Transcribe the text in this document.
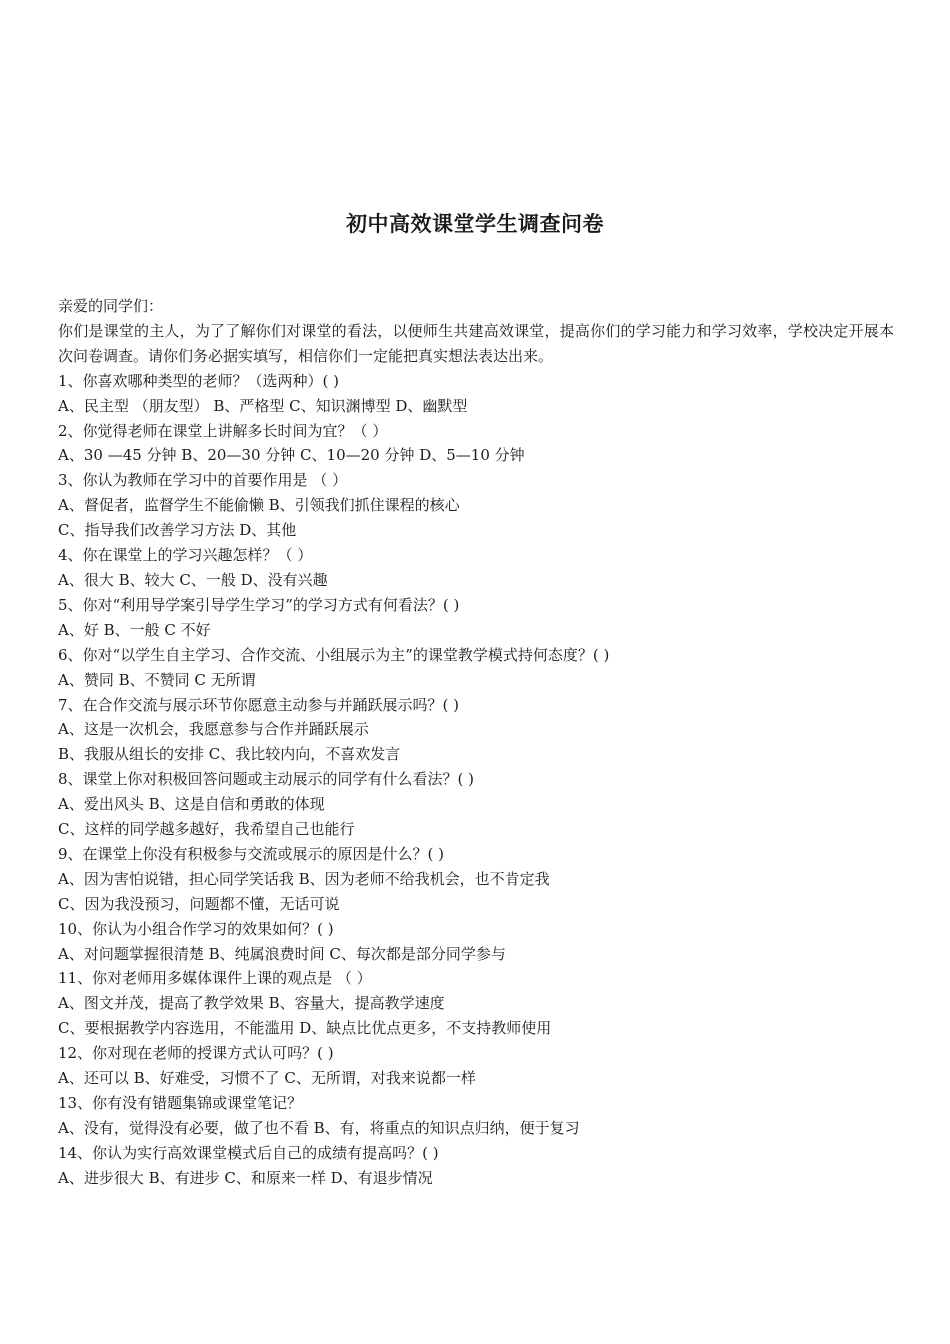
初中高效课堂学生调查问卷

亲爱的同学们：

你们是课堂的主人，为了了解你们对课堂的看法，以便师生共建高效课堂，提高你们的学习能力和学习效率，学校决定开展本次问卷调查。请你们务必据实填写，相信你们一定能把真实想法表达出来。

1、你喜欢哪种类型的老师？（选两种）( )

A、民主型 （朋友型） B、严格型 C、知识渊博型 D、幽默型

2、你觉得老师在课堂上讲解多长时间为宜？（ ）

A、30 —45 分钟 B、20—30 分钟 C、10—20 分钟 D、5—10 分钟

3、你认为教师在学习中的首要作用是 （ ）

A、督促者，监督学生不能偷懒 B、引领我们抓住课程的核心

C、指导我们改善学习方法 D、其他

4、你在课堂上的学习兴趣怎样？（ ）

A、很大 B、较大 C、一般 D、没有兴趣

5、你对“利用导学案引导学生学习”的学习方式有何看法？( )

A、好 B、一般 C 不好

6、你对“以学生自主学习、合作交流、小组展示为主”的课堂教学模式持何态度？( )

A、赞同 B、不赞同 C 无所谓

7、在合作交流与展示环节你愿意主动参与并踊跃展示吗？( )

A、这是一次机会，我愿意参与合作并踊跃展示

B、我服从组长的安排 C、我比较内向，不喜欢发言

8、课堂上你对积极回答问题或主动展示的同学有什么看法？( )

A、爱出风头 B、这是自信和勇敢的体现

C、这样的同学越多越好，我希望自己也能行

9、在课堂上你没有积极参与交流或展示的原因是什么？( )

A、因为害怕说错，担心同学笑话我 B、因为老师不给我机会，也不肯定我

C、因为我没预习，问题都不懂，无话可说

10、你认为小组合作学习的效果如何？( )

A、对问题掌握很清楚 B、纯属浪费时间 C、每次都是部分同学参与

11、你对老师用多媒体课件上课的观点是 （ ）

A、图文并茂，提高了教学效果 B、容量大，提高教学速度

C、要根据教学内容选用，不能滥用 D、缺点比优点更多，不支持教师使用

12、你对现在老师的授课方式认可吗？( )

A、还可以 B、好难受，习惯不了 C、无所谓，对我来说都一样

13、你有没有错题集锦或课堂笔记？

A、没有，觉得没有必要，做了也不看 B、有，将重点的知识点归纳，便于复习

14、你认为实行高效课堂模式后自己的成绩有提高吗？( )

A、进步很大 B、有进步 C、和原来一样 D、有退步情况
